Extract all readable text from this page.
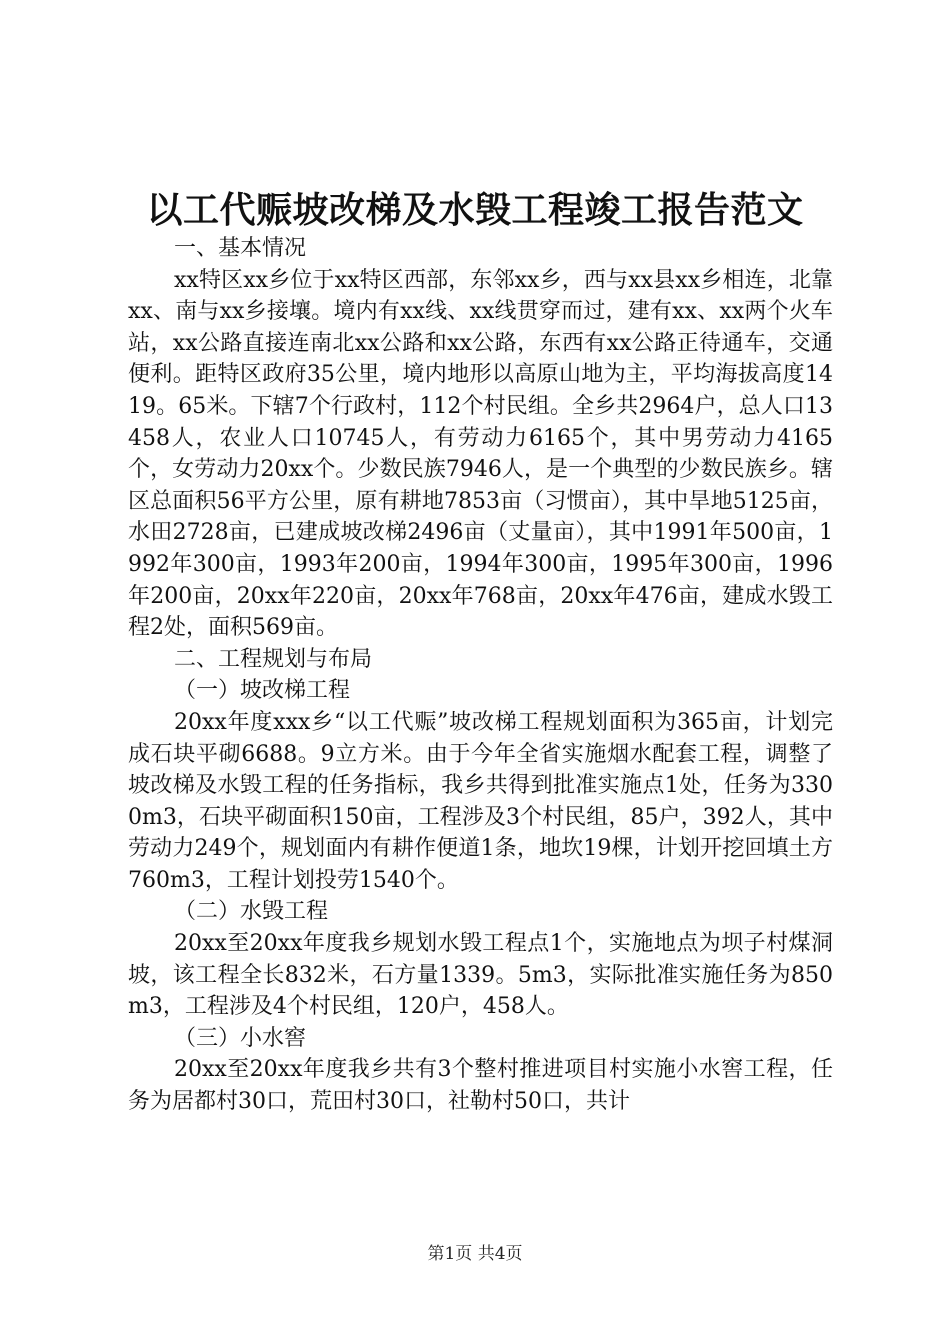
以工代赈坡改梯及水毁工程竣工报告范文

一、基本情况

xx特区xx乡位于xx特区西部，东邻xx乡，西与xx县xx乡相连，北靠xx、南与xx乡接壤。境内有xx线、xx线贯穿而过，建有xx、xx两个火车站，xx公路直接连南北xx公路和xx公路，东西有xx公路正待通车，交通便利。距特区政府35公里，境内地形以高原山地为主，平均海拔高度1419。65米。下辖7个行政村，112个村民组。全乡共2964户，总人口13458人，农业人口10745人，有劳动力6165个，其中男劳动力4165个，女劳动力20xx个。少数民族7946人，是一个典型的少数民族乡。辖区总面积56平方公里，原有耕地7853亩（习惯亩），其中旱地5125亩，水田2728亩，已建成坡改梯2496亩（丈量亩），其中1991年500亩，1992年300亩，1993年200亩，1994年300亩，1995年300亩，1996年200亩，20xx年220亩，20xx年768亩，20xx年476亩，建成水毁工程2处，面积569亩。

二、工程规划与布局

（一）坡改梯工程

20xx年度xxx乡“以工代赈”坡改梯工程规划面积为365亩，计划完成石块平砌6688。9立方米。由于今年全省实施烟水配套工程，调整了坡改梯及水毁工程的任务指标，我乡共得到批准实施点1处，任务为3300m3，石块平砌面积150亩，工程涉及3个村民组，85户，392人，其中劳动力249个，规划面内有耕作便道1条，地坎19棵，计划开挖回填土方760m3，工程计划投劳1540个。

（二）水毁工程

20xx至20xx年度我乡规划水毁工程点1个，实施地点为坝子村煤洞坡，该工程全长832米，石方量1339。5m3，实际批准实施任务为850m3，工程涉及4个村民组，120户，458人。

（三）小水窖

20xx至20xx年度我乡共有3个整村推进项目村实施小水窖工程，任务为居都村30口，荒田村30口，社勒村50口，共计

第1页 共4页
